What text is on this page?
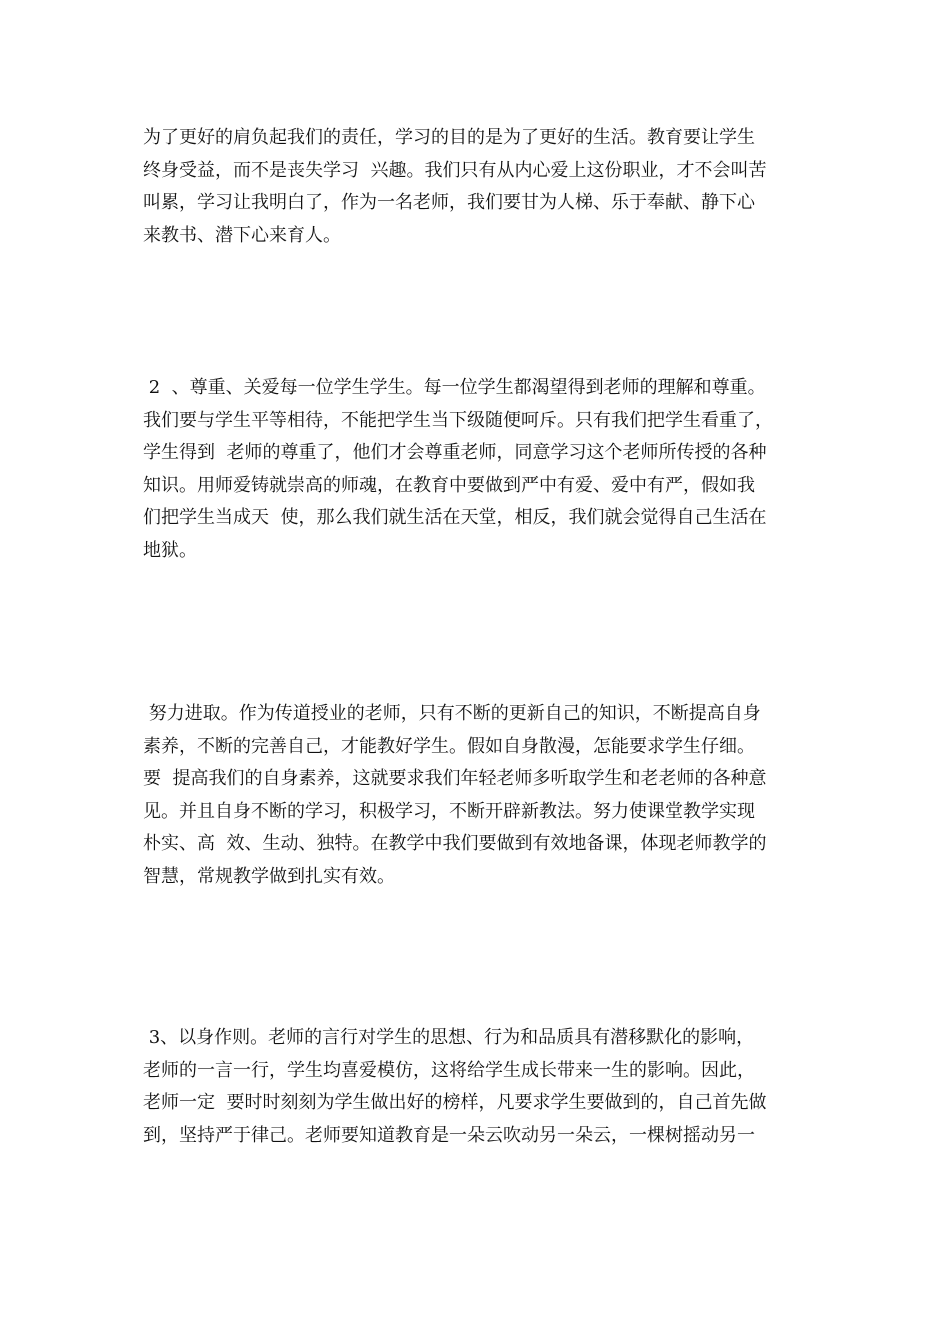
为了更好的肩负起我们的责任，学习的目的是为了更好的生活。教育要让学生
终身受益，而不是丧失学习  兴趣。我们只有从内心爱上这份职业，才不会叫苦
叫累，学习让我明白了，作为一名老师，我们要甘为人梯、乐于奉献、静下心
来教书、潜下心来育人。
2  、尊重、关爱每一位学生学生。每一位学生都渴望得到老师的理解和尊重。
我们要与学生平等相待，不能把学生当下级随便呵斥。只有我们把学生看重了，
学生得到  老师的尊重了，他们才会尊重老师，同意学习这个老师所传授的各种
知识。用师爱铸就崇高的师魂，在教育中要做到严中有爱、爱中有严，假如我
们把学生当成天  使，那么我们就生活在天堂，相反，我们就会觉得自己生活在
地狱。
努力进取。作为传道授业的老师，只有不断的更新自己的知识，不断提高自身
素养，不断的完善自己，才能教好学生。假如自身散漫，怎能要求学生仔细。
要  提高我们的自身素养，这就要求我们年轻老师多听取学生和老老师的各种意
见。并且自身不断的学习，积极学习，不断开辟新教法。努力使课堂教学实现
朴实、高  效、生动、独特。在教学中我们要做到有效地备课，体现老师教学的
智慧，常规教学做到扎实有效。
3、以身作则。老师的言行对学生的思想、行为和品质具有潜移默化的影响，
老师的一言一行，学生均喜爱模仿，这将给学生成长带来一生的影响。因此，
老师一定  要时时刻刻为学生做出好的榜样，凡要求学生要做到的，自己首先做
到，坚持严于律己。老师要知道教育是一朵云吹动另一朵云，一棵树摇动另一
